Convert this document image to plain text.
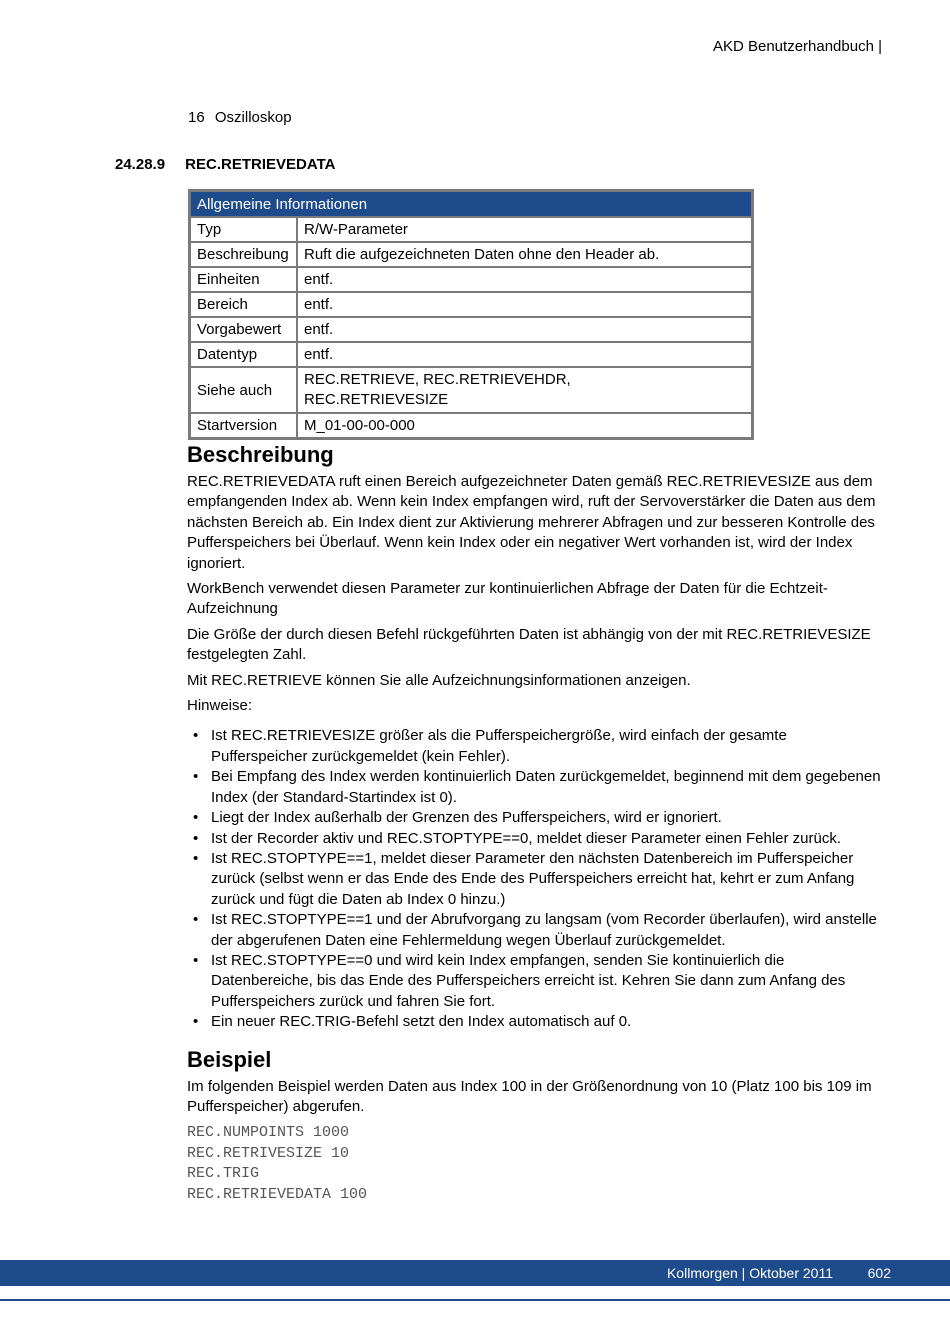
AKD Benutzerhandbuch |
16 Oszilloskop
24.28.9 REC.RETRIEVEDATA
Allgemeine Informationen	
Typ	R/W-Parameter
Beschreibung	Ruft die aufgezeichneten Daten ohne den Header ab.
Einheiten	entf.
Bereich	entf.
Vorgabewert	entf.
Datentyp	entf.
Siehe auch	REC.RETRIEVE, REC.RETRIEVEHDR,
REC.RETRIEVESIZE

Startversion	M_01-00-00-000
Beschreibung

REC.RETRIEVEDATA ruft einen Bereich aufgezeichneter Daten gemäß REC.RETRIEVESIZE aus dem empfangenden Index ab. Wenn kein Index empfangen wird, ruft der Servoverstärker die Daten aus dem nächsten Bereich ab. Ein Index dient zur Aktivierung mehrerer Abfragen und zur besseren Kontrolle des Pufferspeichers bei Überlauf. Wenn kein Index oder ein negativer Wert vorhanden ist, wird der Index ignoriert.

WorkBench verwendet diesen Parameter zur kontinuierlichen Abfrage der Daten für die Echtzeit-Aufzeichnung

Die Größe der durch diesen Befehl rückgeführten Daten ist abhängig von der mit REC.RETRIEVESIZE festgelegten Zahl.

Mit REC.RETRIEVE können Sie alle Aufzeichnungsinformationen anzeigen.

Hinweise:

• Ist REC.RETRIEVESIZE größer als die Pufferspeichergröße, wird einfach der gesamte Pufferspeicher zurückgemeldet (kein Fehler).
• Bei Empfang des Index werden kontinuierlich Daten zurückgemeldet, beginnend mit dem gegebenen Index (der Standard-Startindex ist 0).
• Liegt der Index außerhalb der Grenzen des Pufferspeichers, wird er ignoriert.
• Ist der Recorder aktiv und REC.STOPTYPE==0, meldet dieser Parameter einen Fehler zurück.
• Ist REC.STOPTYPE==1, meldet dieser Parameter den nächsten Datenbereich im Pufferspeicher zurück (selbst wenn er das Ende des Ende des Pufferspeichers erreicht hat, kehrt er zum Anfang zurück und fügt die Daten ab Index 0 hinzu.)
• Ist REC.STOPTYPE==1 und der Abrufvorgang zu langsam (vom Recorder überlaufen), wird anstelle der abgerufenen Daten eine Fehlermeldung wegen Überlauf zurückgemeldet.
• Ist REC.STOPTYPE==0 und wird kein Index empfangen, senden Sie kontinuierlich die Datenbereiche, bis das Ende des Pufferspeichers erreicht ist. Kehren Sie dann zum Anfang des Pufferspeichers zurück und fahren Sie fort.
• Ein neuer REC.TRIG-Befehl setzt den Index automatisch auf 0.
Beispiel

Im folgenden Beispiel werden Daten aus Index 100 in der Größenordnung von 10 (Platz 100 bis 109 im Pufferspeicher) abgerufen.

REC.NUMPOINTS 1000
REC.RETRIVESIZE 10
REC.TRIG
REC.RETRIEVEDATA 100
Kollmorgen | Oktober 2011 602
